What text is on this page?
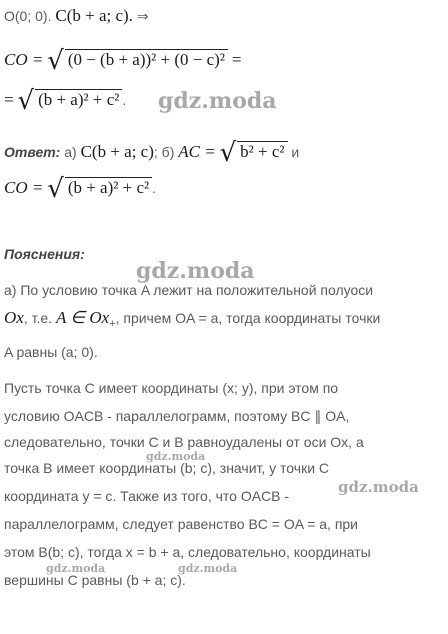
O(0; 0). C(b + a; c). ⇒
CO = √ (0 − (b + a))² + (0 − c)² =
= √ (b + a)² + c² .
Ответ: а) C(b + a; c); б) AC = √ b² + c² и
CO = √ (b + a)² + c² .
Пояснения:
а) По условию точка A лежит на положительной полуоси
Ox, т.е. A ∈ $Ox_+$, причем OA = a, тогда координаты точки
A равны (a; 0).
Пусть точка C имеет координаты (x; y), при этом по
условию OACB - параллелограмм, поэтому BC ∥ OA,
следовательно, точки C и B равноудалены от оси Ox, а
точка B имеет координаты (b; c), значит, у точки C
координата y = c. Также из того, что OACB -
параллелограмм, следует равенство BC = OA = a, при
этом B(b; c), тогда x = b + a, следовательно, координаты
вершины C равны (b + a; c).
gdz.moda
gdz.moda
gdz.moda
gdz.moda
gdz.moda	gdz.moda
